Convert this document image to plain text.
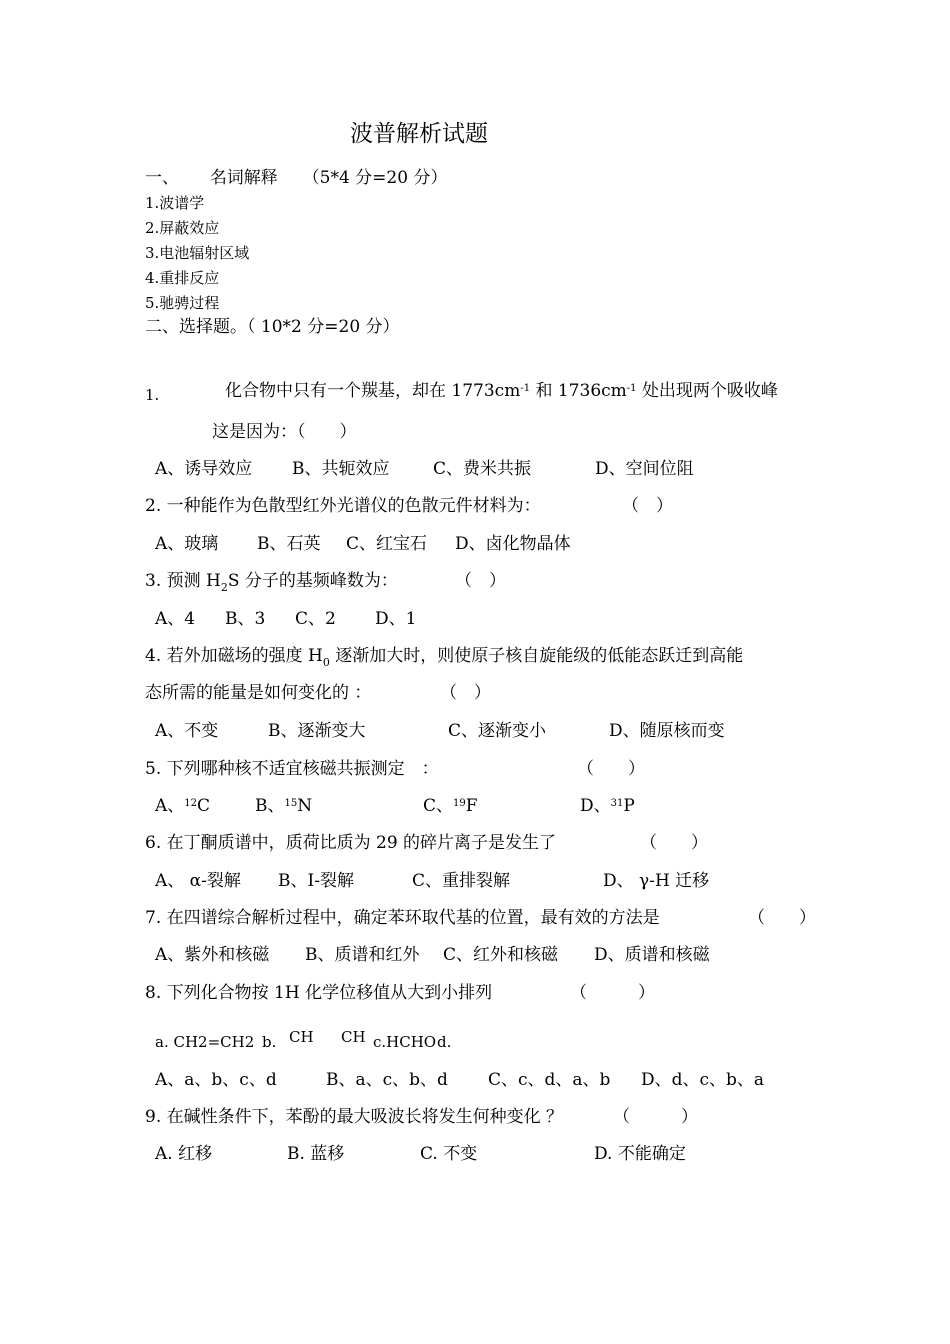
波普解析试题
一、 名词解释 （5*4 分=20 分）
1.波谱学
2.屏蔽效应
3.电池辐射区域
4.重排反应
5.驰骋过程
二、选择题。（ 10*2 分=20 分）
1.	化合物中只有一个羰基，却在 $1773cm^{-1}$ 和 $1736cm^{-1}$ 处出现两个吸收峰
这是因为：（　　）
A、诱导效应 B、共轭效应	C、费米共振	D、空间位阻
2. 一种能作为色散型红外光谱仪的色散元件材料为：	（　）
A、玻璃 B、石英 C、红宝石 D、卤化物晶体
3. 预测 $H_2S$ 分子的基频峰数为：	（　）
A、4 B、3 C、2 D、1
4. 若外加磁场的强度 $H_0$ 逐渐加大时，则使原子核自旋能级的低能态跃迁到高能
态所需的能量是如何变化的 ：	（　）
A、不变	B、逐渐变大	C、逐渐变小	D、随原核而变
5. 下列哪种核不适宜核磁共振测定　：	（　　）
A、$^{12}$C	B、$^{15}$N	C、$^{19}$F	D、$^{31}$P
6. 在丁酮质谱中，质荷比质为 29 的碎片离子是发生了	（　　）
A、 α-裂解 B、I-裂解	C、重排裂解	D、 γ-H 迁移
7. 在四谱综合解析过程中，确定苯环取代基的位置，最有效的方法是	（　　）
A、紫外和核磁 B、质谱和红外 C、红外和核磁 D、质谱和核磁
8. 下列化合物按 1H 化学位移值从大到小排列	（　　　）
a. CH2=CH2 b. CH CH c.HCHO d.
A、a、b、c、d	B、a、c、b、d C、c、d、a、b D、d、c、b、a
9. 在碱性条件下，苯酚的最大吸波长将发生何种变化 ？	（　　　）
A. 红移	B. 蓝移	C. 不变	D. 不能确定
